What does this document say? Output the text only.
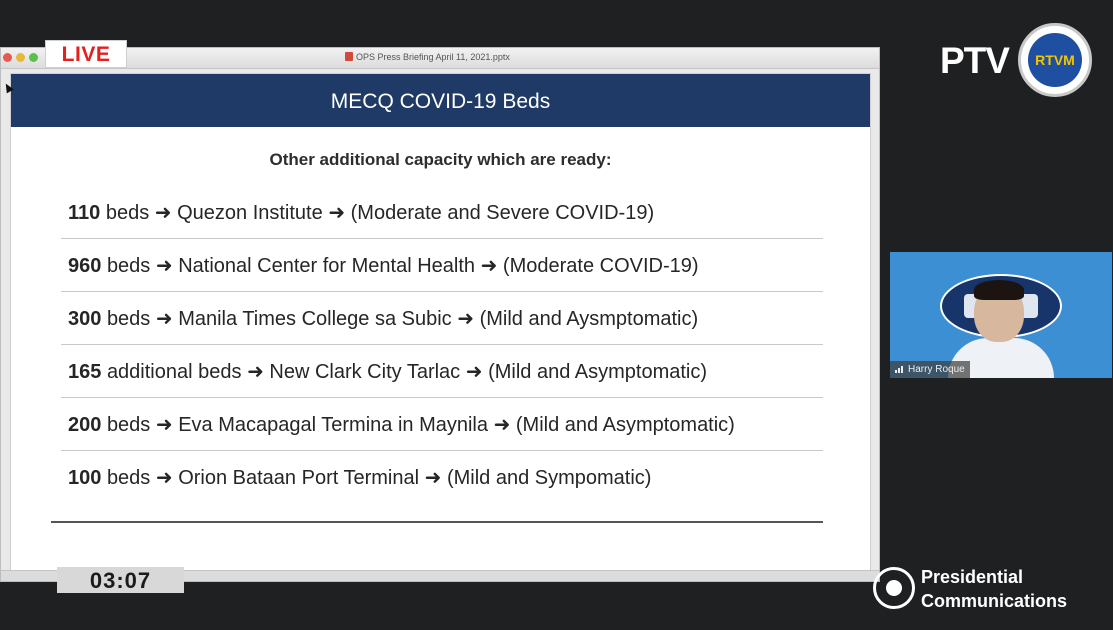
OPS Press Briefing April 11, 2021.pptx
MECQ COVID-19 Beds
Other additional capacity which are ready:
110 beds ➜ Quezon Institute ➜ (Moderate and Severe COVID-19)
960 beds ➜ National Center for Mental Health ➜ (Moderate COVID-19)
300 beds ➜ Manila Times College sa Subic ➜ (Mild and Aysmptomatic)
165 additional beds ➜ New Clark City Tarlac ➜ (Mild and Asymptomatic)
200 beds ➜ Eva Macapagal Termina in Maynila ➜ (Mild and Asymptomatic)
100 beds ➜ Orion Bataan Port Terminal ➜ (Mild and Sympomatic)
LIVE
03:07
PTV	RTVM
Harry Roque
Presidential
Communications
